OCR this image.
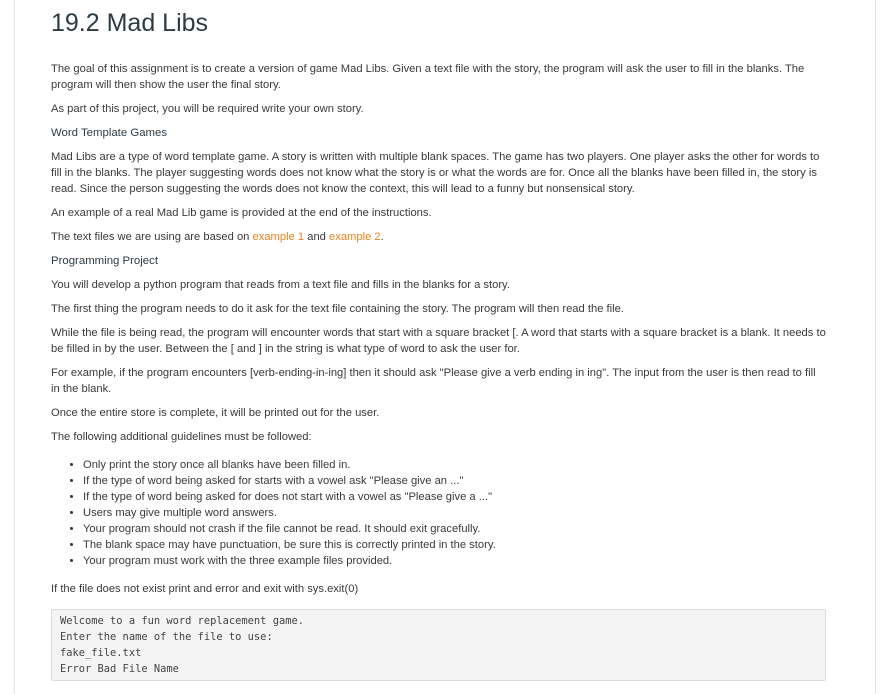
19.2 Mad Libs

The goal of this assignment is to create a version of game Mad Libs. Given a text file with the story, the program will ask the user to fill in the blanks. The program will then show the user the final story.

As part of this project, you will be required write your own story.

Word Template Games

Mad Libs are a type of word template game. A story is written with multiple blank spaces. The game has two players. One player asks the other for words to fill in the blanks. The player suggesting words does not know what the story is or what the words are for. Once all the blanks have been filled in, the story is read. Since the person suggesting the words does not know the context, this will lead to a funny but nonsensical story.

An example of a real Mad Lib game is provided at the end of the instructions.

The text files we are using are based on example 1 and example 2.

Programming Project

You will develop a python program that reads from a text file and fills in the blanks for a story.

The first thing the program needs to do it ask for the text file containing the story. The program will then read the file.

While the file is being read, the program will encounter words that start with a square bracket [. A word that starts with a square bracket is a blank. It needs to be filled in by the user. Between the [ and ] in the string is what type of word to ask the user for.

For example, if the program encounters [verb-ending-in-ing] then it should ask "Please give a verb ending in ing". The input from the user is then read to fill in the blank.

Once the entire store is complete, it will be printed out for the user.

The following additional guidelines must be followed:

• Only print the story once all blanks have been filled in.
• If the type of word being asked for starts with a vowel ask "Please give an ..."
• If the type of word being asked for does not start with a vowel as "Please give a ..."
• Users may give multiple word answers.
• Your program should not crash if the file cannot be read. It should exit gracefully.
• The blank space may have punctuation, be sure this is correctly printed in the story.
• Your program must work with the three example files provided.

If the file does not exist print and error and exit with sys.exit(0)

Welcome to a fun word replacement game.
Enter the name of the file to use:
fake_file.txt
Error Bad File Name
